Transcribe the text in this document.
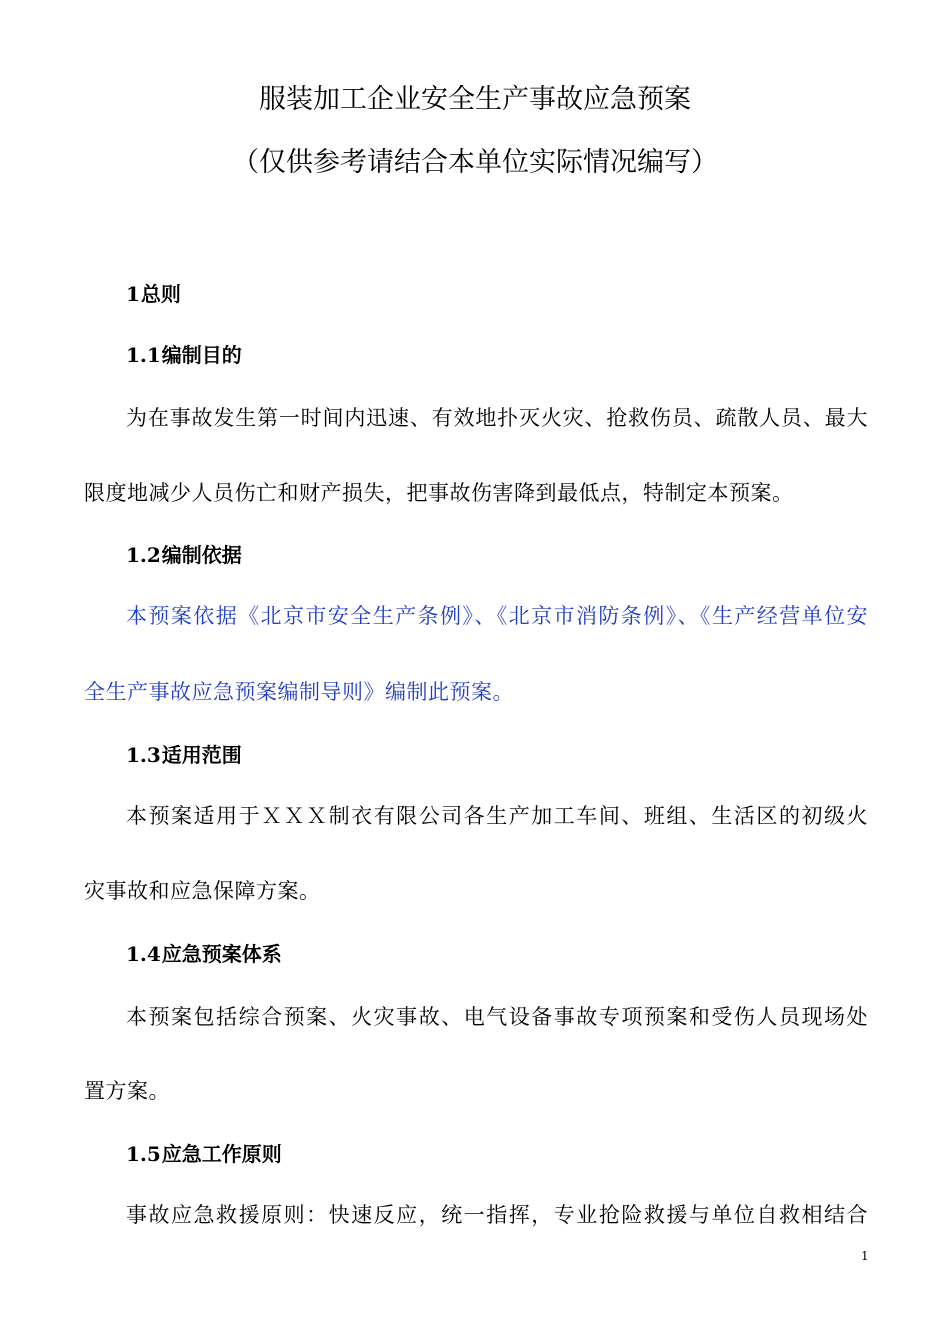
服装加工企业安全生产事故应急预案
（仅供参考请结合本单位实际情况编写）
1总则
1.1编制目的
为在事故发生第一时间内迅速、有效地扑灭火灾、抢救伤员、疏散人员、最大
限度地减少人员伤亡和财产损失，把事故伤害降到最低点，特制定本预案。
1.2编制依据
本预案依据《北京市安全生产条例》、《北京市消防条例》、《生产经营单位安
全生产事故应急预案编制导则》编制此预案。
1.3适用范围
本预案适用于ＸＸＸ制衣有限公司各生产加工车间、班组、生活区的初级火
灾事故和应急保障方案。
1.4应急预案体系
本预案包括综合预案、火灾事故、电气设备事故专项预案和受伤人员现场处
置方案。
1.5应急工作原则
事故应急救援原则：快速反应，统一指挥，专业抢险救援与单位自救相结合
1
